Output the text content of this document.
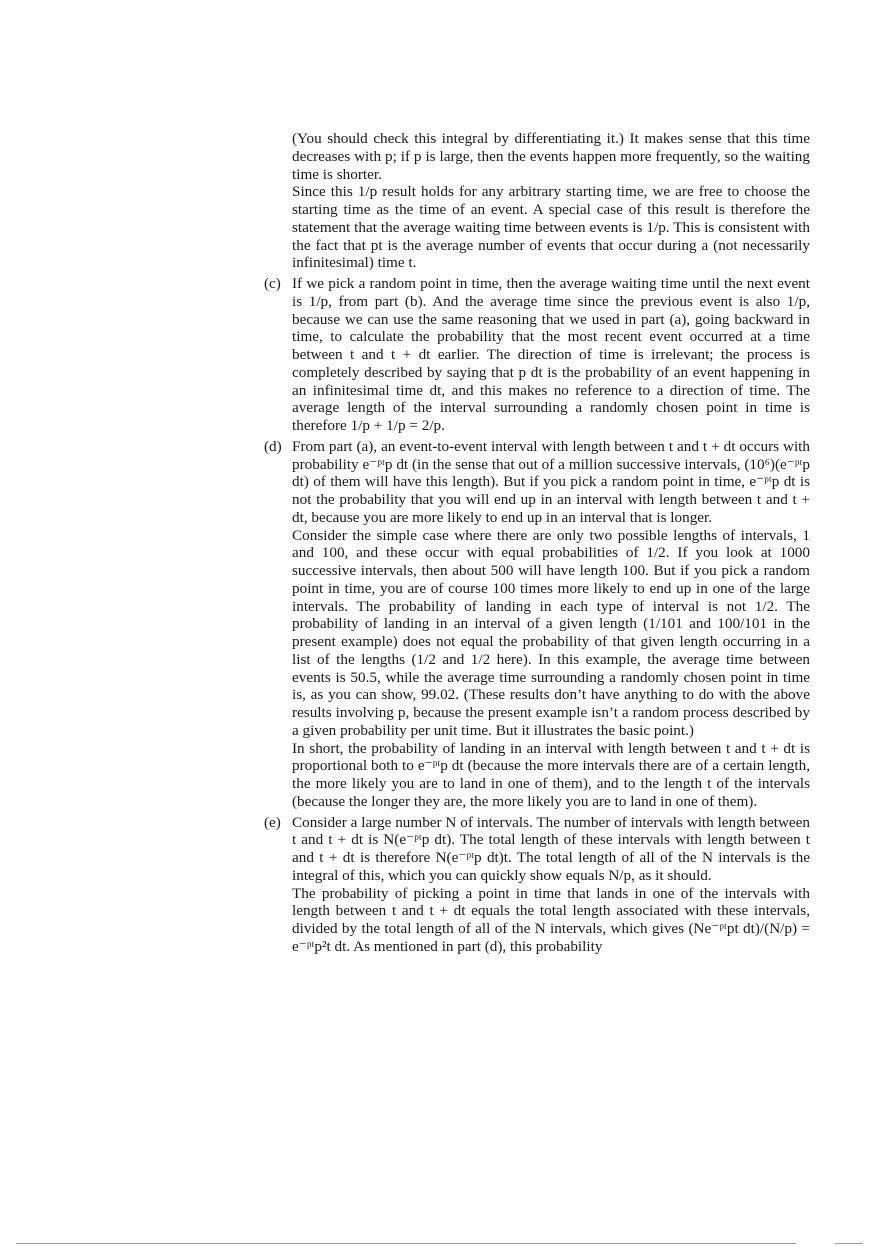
(You should check this integral by differentiating it.) It makes sense that this time decreases with p; if p is large, then the events happen more frequently, so the waiting time is shorter.

Since this 1/p result holds for any arbitrary starting time, we are free to choose the starting time as the time of an event. A special case of this result is therefore the statement that the average waiting time between events is 1/p. This is consistent with the fact that pt is the average number of events that occur during a (not necessarily infinitesimal) time t.

(c) If we pick a random point in time, then the average waiting time until the next event is 1/p, from part (b). And the average time since the previous event is also 1/p, because we can use the same reasoning that we used in part (a), going backward in time, to calculate the probability that the most recent event occurred at a time between t and t + dt earlier. The direction of time is irrelevant; the process is completely described by saying that p dt is the probability of an event happening in an infinitesimal time dt, and this makes no reference to a direction of time. The average length of the interval surrounding a randomly chosen point in time is therefore 1/p + 1/p = 2/p.

(d) From part (a), an event-to-event interval with length between t and t + dt occurs with probability e⁻ᵖᵗp dt (in the sense that out of a million successive intervals, (10⁶)(e⁻ᵖᵗp dt) of them will have this length). But if you pick a random point in time, e⁻ᵖᵗp dt is not the probability that you will end up in an interval with length between t and t + dt, because you are more likely to end up in an interval that is longer.

Consider the simple case where there are only two possible lengths of intervals, 1 and 100, and these occur with equal probabilities of 1/2. If you look at 1000 successive intervals, then about 500 will have length 100. But if you pick a random point in time, you are of course 100 times more likely to end up in one of the large intervals. The probability of landing in each type of interval is not 1/2. The probability of landing in an interval of a given length (1/101 and 100/101 in the present example) does not equal the probability of that given length occurring in a list of the lengths (1/2 and 1/2 here). In this example, the average time between events is 50.5, while the average time surrounding a randomly chosen point in time is, as you can show, 99.02. (These results don’t have anything to do with the above results involving p, because the present example isn’t a random process described by a given probability per unit time. But it illustrates the basic point.)

In short, the probability of landing in an interval with length between t and t + dt is proportional both to e⁻ᵖᵗp dt (because the more intervals there are of a certain length, the more likely you are to land in one of them), and to the length t of the intervals (because the longer they are, the more likely you are to land in one of them).

(e) Consider a large number N of intervals. The number of intervals with length between t and t + dt is N(e⁻ᵖᵗp dt). The total length of these intervals with length between t and t + dt is therefore N(e⁻ᵖᵗp dt)t. The total length of all of the N intervals is the integral of this, which you can quickly show equals N/p, as it should.

The probability of picking a point in time that lands in one of the intervals with length between t and t + dt equals the total length associated with these intervals, divided by the total length of all of the N intervals, which gives (Ne⁻ᵖᵗpt dt)/(N/p) = e⁻ᵖᵗp²t dt. As mentioned in part (d), this probability
